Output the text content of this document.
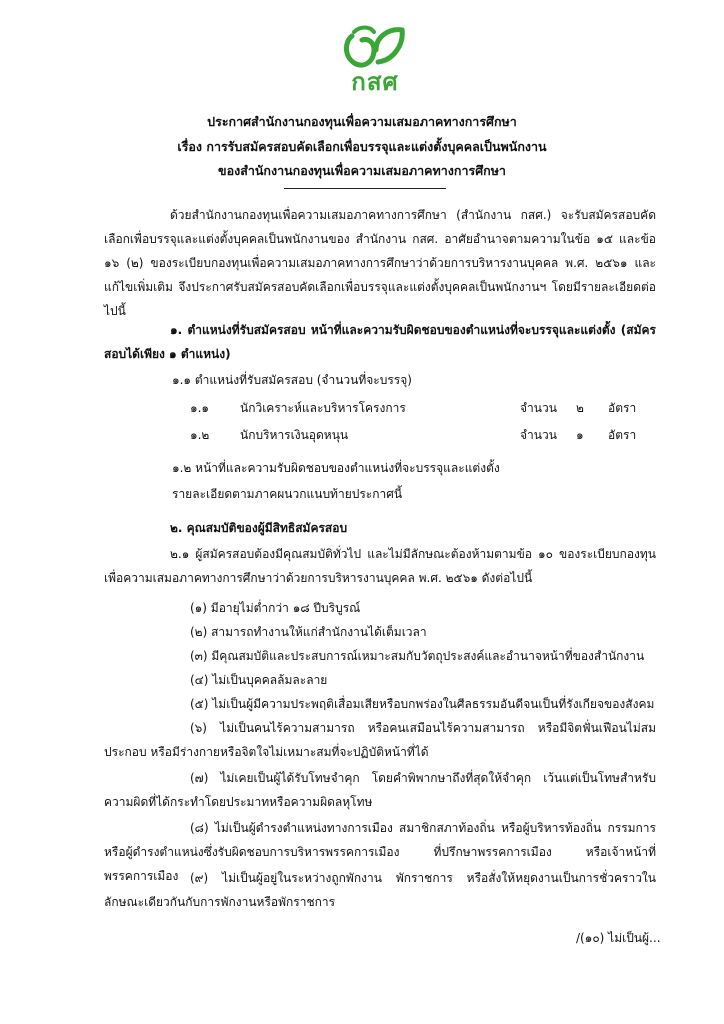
กสศ
ประกาศสำนักงานกองทุนเพื่อความเสมอภาคทางการศึกษา
เรื่อง การรับสมัครสอบคัดเลือกเพื่อบรรจุและแต่งตั้งบุคคลเป็นพนักงาน
ของสำนักงานกองทุนเพื่อความเสมอภาคทางการศึกษา
ด้วยสำนักงานกองทุนเพื่อความเสมอภาคทางการศึกษา (สำนักงาน กสศ.) จะรับสมัครสอบคัดเลือกเพื่อบรรจุและแต่งตั้งบุคคลเป็นพนักงานของ สำนักงาน กสศ. อาศัยอำนาจตามความในข้อ ๑๕ และข้อ ๑๖ (๒) ของระเบียบกองทุนเพื่อความเสมอภาคทางการศึกษาว่าด้วยการบริหารงานบุคคล พ.ศ. ๒๕๖๑ และแก้ไขเพิ่มเติม จึงประกาศรับสมัครสอบคัดเลือกเพื่อบรรจุและแต่งตั้งบุคคลเป็นพนักงานฯ โดยมีรายละเอียดต่อไปนี้
๑. ตำแหน่งที่รับสมัครสอบ หน้าที่และความรับผิดชอบของตำแหน่งที่จะบรรจุและแต่งตั้ง (สมัครสอบได้เพียง ๑ ตำแหน่ง)
๑.๑ ตำแหน่งที่รับสมัครสอบ (จำนวนที่จะบรรจุ)
๑.๑	นักวิเคราะห์และบริหารโครงการ	จำนวน ๒ อัตรา
๑.๒	นักบริหารเงินอุดหนุน	จำนวน ๑ อัตรา
๑.๒ หน้าที่และความรับผิดชอบของตำแหน่งที่จะบรรจุและแต่งตั้ง
รายละเอียดตามภาคผนวกแนบท้ายประกาศนี้
๒. คุณสมบัติของผู้มีสิทธิสมัครสอบ
๒.๑ ผู้สมัครสอบต้องมีคุณสมบัติทั่วไป และไม่มีลักษณะต้องห้ามตามข้อ ๑๐ ของระเบียบกองทุนเพื่อความเสมอภาคทางการศึกษาว่าด้วยการบริหารงานบุคคล พ.ศ. ๒๕๖๑ ดังต่อไปนี้
(๑) มีอายุไม่ต่ำกว่า ๑๘ ปีบริบูรณ์
(๒) สามารถทำงานให้แก่สำนักงานได้เต็มเวลา
(๓) มีคุณสมบัติและประสบการณ์เหมาะสมกับวัตถุประสงค์และอำนาจหน้าที่ของสำนักงาน
(๔) ไม่เป็นบุคคลล้มละลาย
(๕) ไม่เป็นผู้มีความประพฤติเสื่อมเสียหรือบกพร่องในศีลธรรมอันดีจนเป็นที่รังเกียจของสังคม
(๖) ไม่เป็นคนไร้ความสามารถ หรือคนเสมือนไร้ความสามารถ หรือมีจิตฟั่นเฟือนไม่สมประกอบ หรือมีร่างกายหรือจิตใจไม่เหมาะสมที่จะปฏิบัติหน้าที่ได้
(๗) ไม่เคยเป็นผู้ได้รับโทษจำคุก โดยคำพิพากษาถึงที่สุดให้จำคุก เว้นแต่เป็นโทษสำหรับความผิดที่ได้กระทำโดยประมาทหรือความผิดลหุโทษ
(๘) ไม่เป็นผู้ดำรงตำแหน่งทางการเมือง สมาชิกสภาท้องถิ่น หรือผู้บริหารท้องถิ่น กรรมการหรือผู้ดำรงตำแหน่งซึ่งรับผิดชอบการบริหารพรรคการเมือง ที่ปรึกษาพรรคการเมือง หรือเจ้าหน้าที่พรรคการเมือง (๙) ไม่เป็นผู้อยู่ในระหว่างถูกพักงาน พักราชการ หรือสั่งให้หยุดงานเป็นการชั่วคราวในลักษณะเดียวกันกับการพักงานหรือพักราชการ
/(๑๐) ไม่เป็นผู้...
